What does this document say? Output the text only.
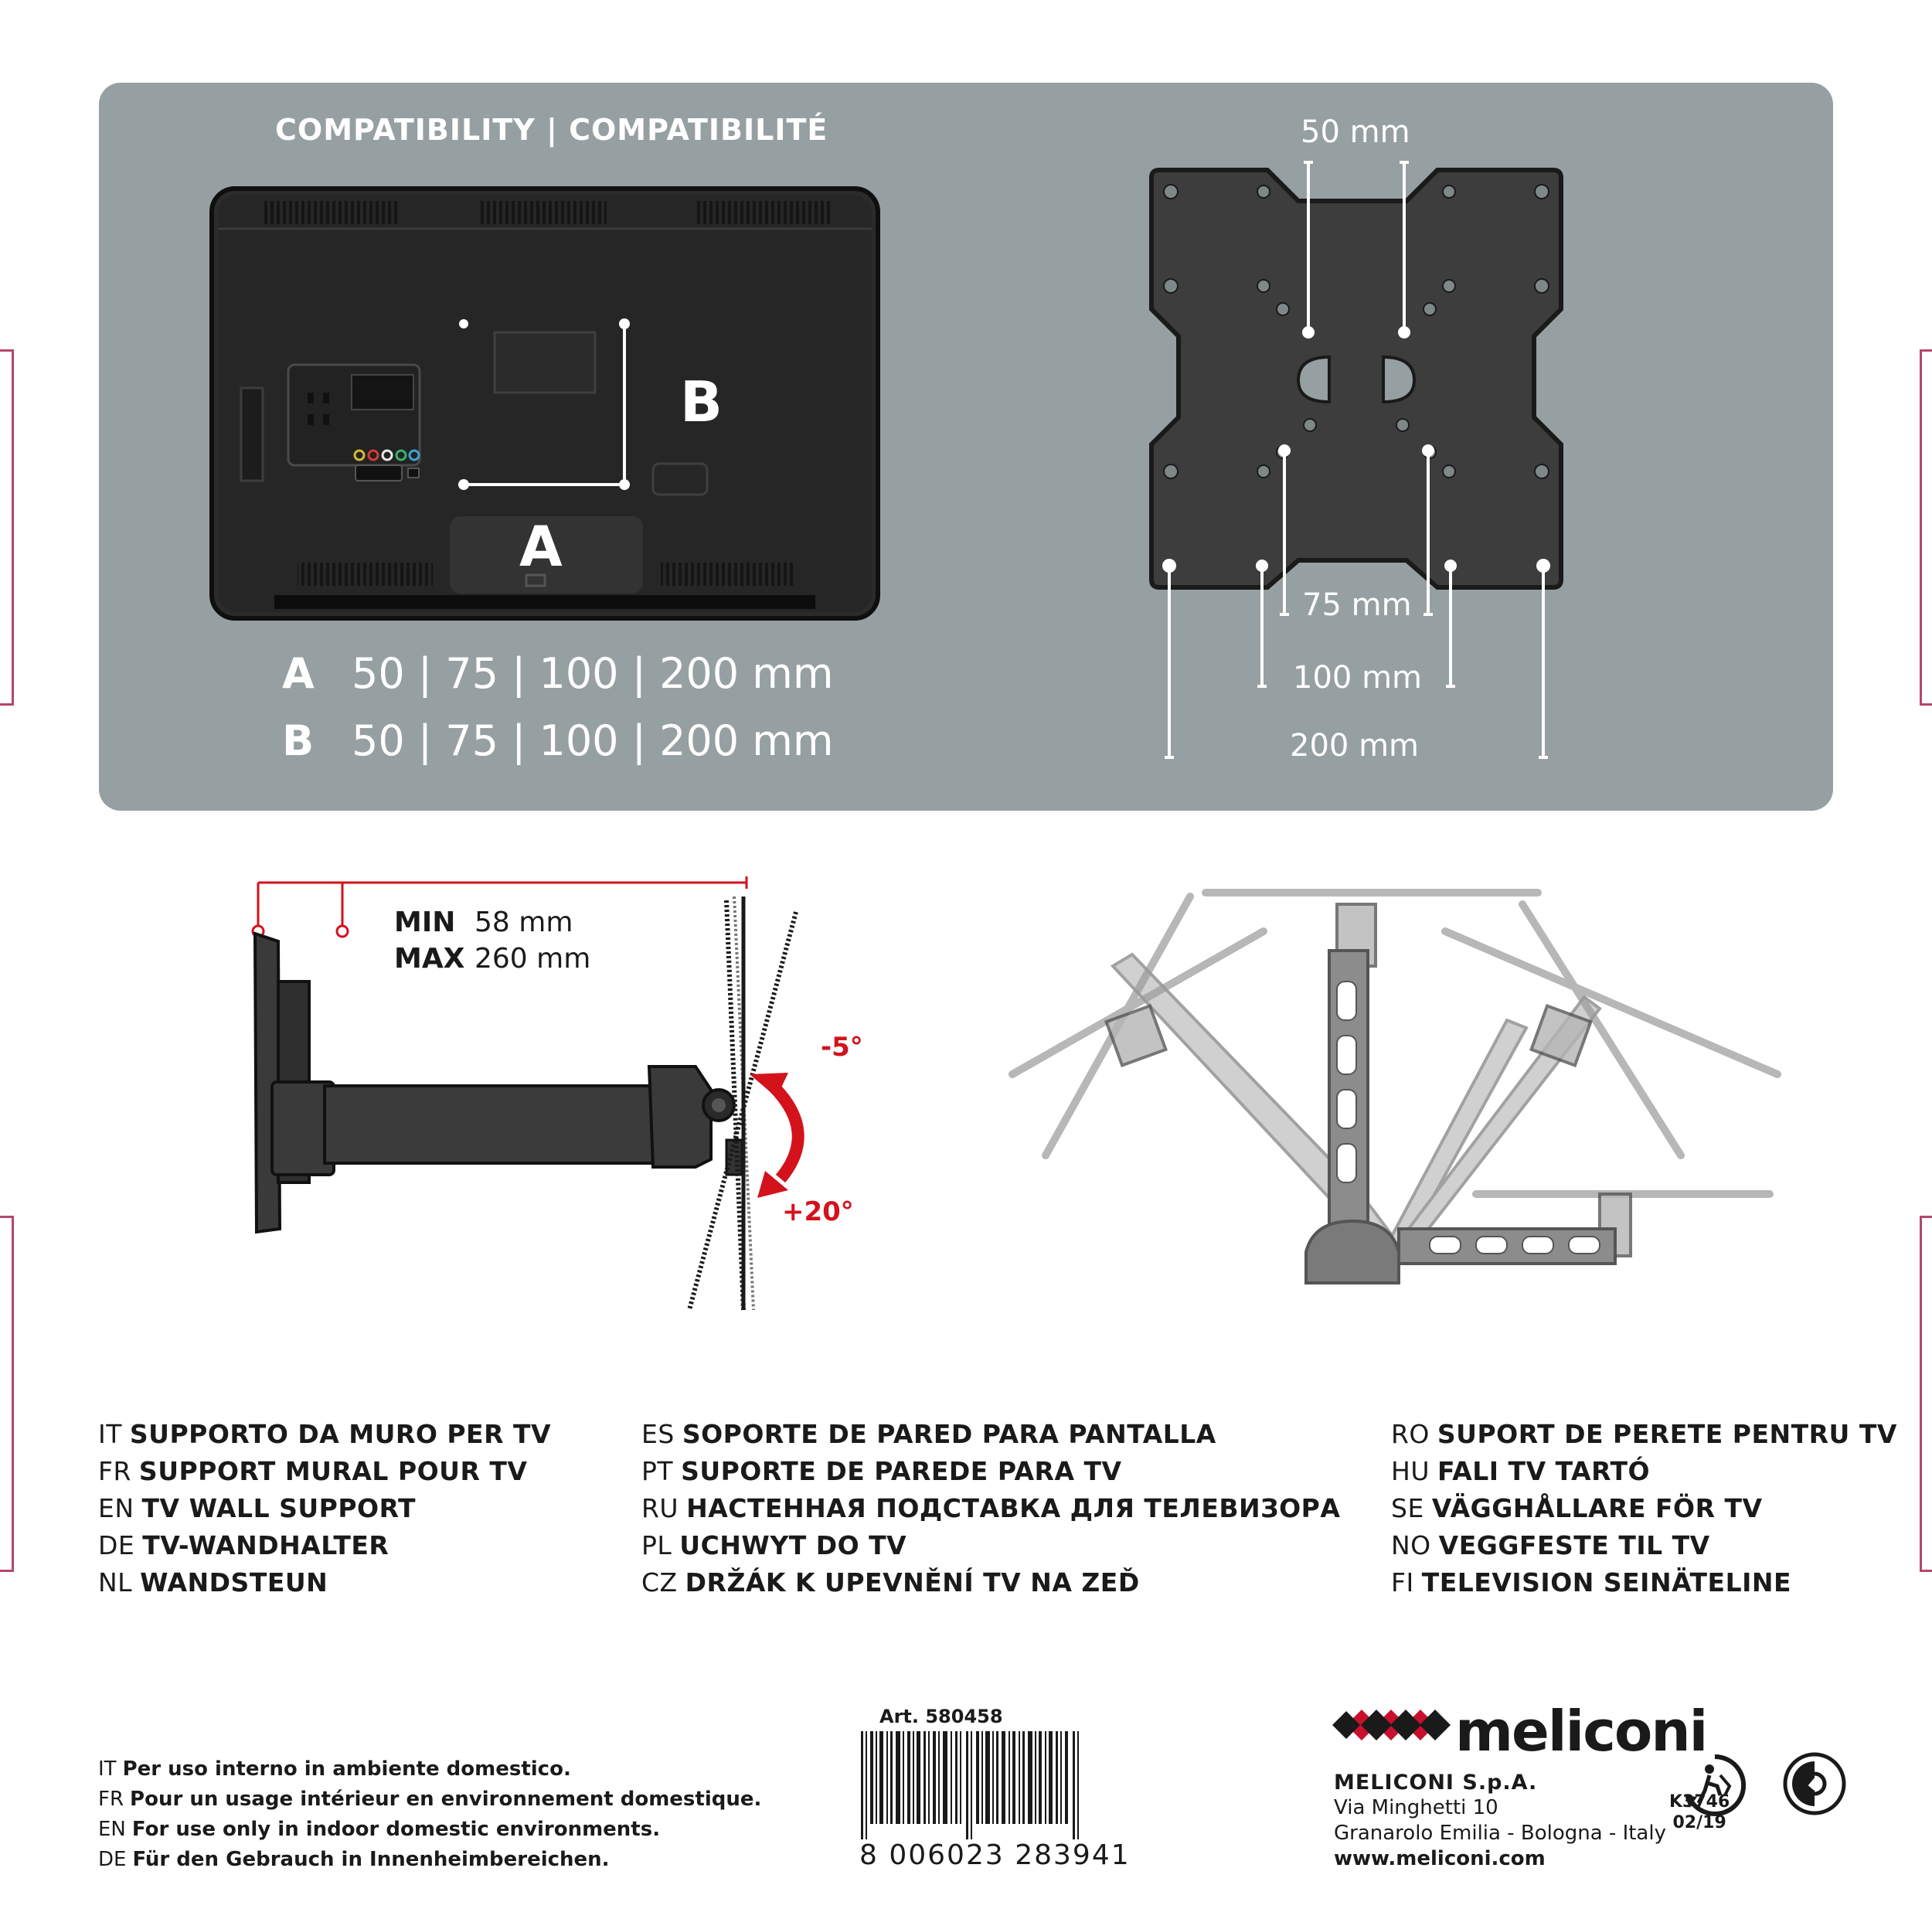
COMPATIBILITY | COMPATIBILITÉ
B
A
A 50 | 75 | 100 | 200 mm
B 50 | 75 | 100 | 200 mm
50 mm
75 mm
100 mm
200 mm
MIN 58 mm
MAX 260 mm
-5°
+20°
IT SUPPORTO DA MURO PER TV
FR SUPPORT MURAL POUR TV
EN TV WALL SUPPORT
DE TV-WANDHALTER
NL WANDSTEUN
ES SOPORTE DE PARED PARA PANTALLA
PT SUPORTE DE PAREDE PARA TV
RU НАСТЕННАЯ ПОДСТАВКА ДЛЯ ТЕЛЕВИЗОРА
PL UCHWYT DO TV
CZ DRŽÁK K UPEVNĚNÍ TV NA ZEĎ
RO SUPORT DE PERETE PENTRU TV
HU FALI TV TARTÓ
SE VÄGGHÅLLARE FÖR TV
NO VEGGFESTE TIL TV
FI TELEVISION SEINÄTELINE
IT Per uso interno in ambiente domestico.
FR Pour un usage intérieur en environnement domestique.
EN For use only in indoor domestic environments.
DE Für den Gebrauch in Innenheimbereichen.
Art. 580458
8 006023 283941
meliconi
MELICONI S.p.A.
Via Minghetti 10
Granarolo Emilia - Bologna - Italy
www.meliconi.com
K3746
02/19
